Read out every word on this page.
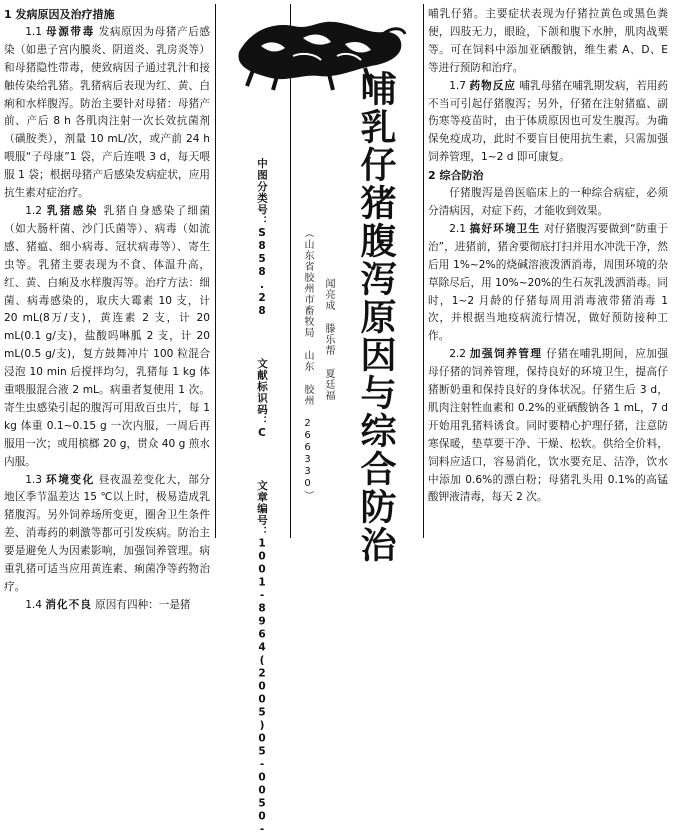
1 发病原因及治疗措施

1.1 母源带毒 发病原因为母猪产后感染（如患子宫内膜炎、阴道炎、乳房炎等）和母猪隐性带毒，使致病因子通过乳汁和接触传染给乳猪。乳猪病后表现为红、黄、白痢和水样腹泻。防治主要针对母猪：母猪产前、产后 8 h 各肌肉注射一次长效抗菌剂（磺胺类），剂量 10 mL/次，或产前 24 h 喂服“子母康”1 袋，产后连喂 3 d，每天喂服 1 袋；根据母猪产后感染发病症状，应用抗生素对症治疗。

1.2 乳猪感染 乳猪自身感染了细菌（如大肠杆菌、沙门氏菌等）、病毒（如流感、猪瘟、细小病毒、冠状病毒等）、寄生虫等。乳猪主要表现为不食、体温升高，红、黄、白痢及水样腹泻等。治疗方法：细菌、病毒感染的，取庆大霉素 10 支，计 20 mL(8万/支)，黄连素 2 支，计 20 mL(0.1 g/支)，盐酸吗啉胍 2 支，计 20 mL(0.5 g/支)，复方鼓舞冲片 100 粒混合浸泡 10 min 后搅拌均匀，乳猪每 1 kg 体重喂服混合液 2 mL。病重者复使用 1 次。寄生虫感染引起的腹泻可用敌百虫片，每 1 kg 体重 0.1~0.15 g 一次内服，一周后再服用一次；或用槟榔 20 g，贯众 40 g 煎水内服。

1.3 环境变化 昼夜温差变化大，部分地区季节温差达 15 ℃以上时，极易造成乳猪腹泻。另外饲养场所变更，圈舍卫生条件差、消毒药的刺激等都可引发疾病。防治主要是避免人为因素影响，加强饲养管理。病重乳猪可适当应用黄连素、痢菌净等药物治疗。

1.4 消化不良 原因有四种：一是猪

中图分类号：S858.28  文献标识码：C  文章编号：1001-8964(2005)05-0050-
（山东省胶州市畜牧局 山东 胶州 266330） 闻亮成 滕乐帮 夏廷福 哺乳仔猪腹泻原因与综合防治

哺乳仔猪。主要症状表现为仔猪拉黄色或黑色粪便，四肢无力，眼睑，下颌和腹下水肿，肌肉战栗等。可在饲料中添加亚硒酸钠，维生素 A、D、E 等进行预防和治疗。

1.7 药物反应 哺乳母猪在哺乳期发病，若用药不当可引起仔猪腹泻；另外，仔猪在注射猪瘟、副伤寒等疫苗时，由于体质原因也可发生腹泻。为确保免疫成功，此时不要盲目使用抗生素，只需加强饲养管理，1~2 d 即可康复。

2 综合防治

仔猪腹泻是兽医临床上的一种综合病症，必须分清病因，对症下药，才能收到效果。

2.1 搞好环境卫生 对仔猪腹泻要做到“防重于治”，进猪前，猪舍要彻底打扫并用水冲洗干净，然后用 1%~2%的烧碱溶液泼洒消毒，周围环境的杂草除尽后，用 10%~20%的生石灰乳泼洒消毒。同时，1~2 月龄的仔猪每周用消毒液带猪消毒 1 次，并根据当地疫病流行情况，做好预防接种工作。

2.2 加强饲养管理 仔猪在哺乳期间，应加强母仔猪的饲养管理，保持良好的环境卫生，提高仔猪断奶重和保持良好的身体状况。仔猪生后 3 d，肌肉注射牲血素和 0.2%的亚硒酸钠各 1 mL，7 d 开始用乳猪料诱食。同时要精心护理仔猪，注意防寒保暖，垫草要干净、干燥、松软。供给全价料，饲料应适口，容易消化，饮水要充足、洁净，饮水中添加 0.6%的漂白粉；母猪乳头用 0.1%的高锰酸钾液清毒，每天 2 次。
